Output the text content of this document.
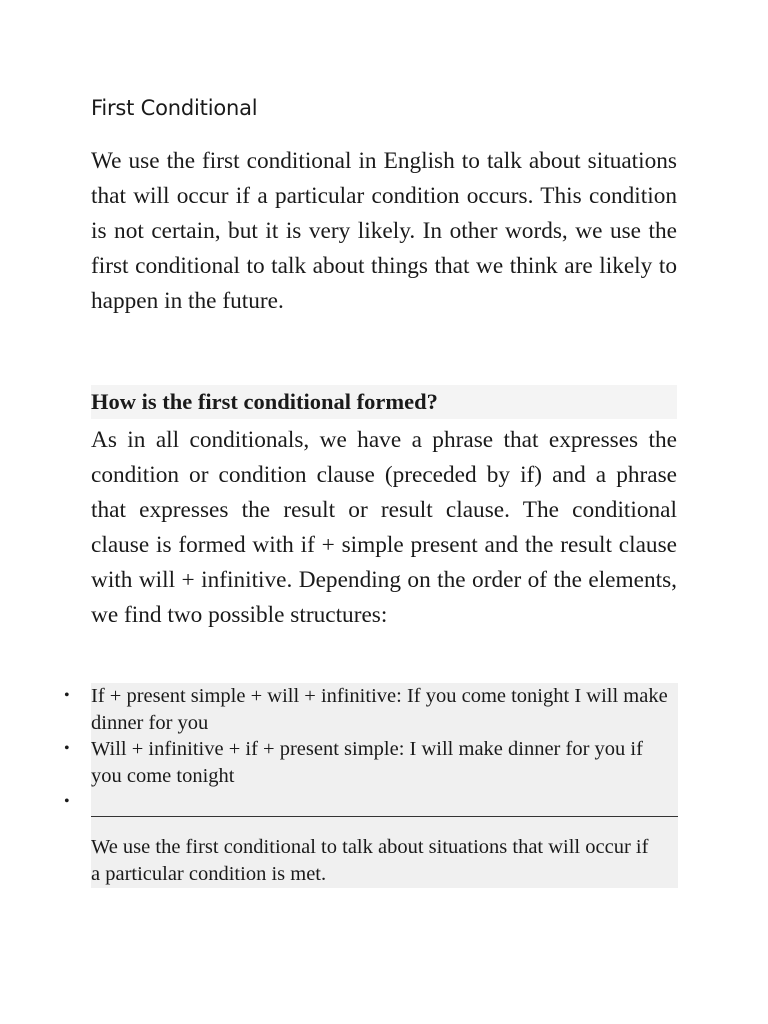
First Conditional

We use the first conditional in English to talk about situations that will occur if a particular condition occurs. This condition is not certain, but it is very likely. In other words, we use the first conditional to talk about things that we think are likely to happen in the future.

How is the first conditional formed?

As in all conditionals, we have a phrase that expresses the condition or condition clause (preceded by if) and a phrase that expresses the result or result clause. The conditional clause is formed with if + simple present and the result clause with will + infinitive. Depending on the order of the elements, we find two possible structures:

• If + present simple + will + infinitive: If you come tonight I will make dinner for you
• Will + infinitive + if + present simple: I will make dinner for you if you come tonight
•

We use the first conditional to talk about situations that will occur if a particular condition is met.
